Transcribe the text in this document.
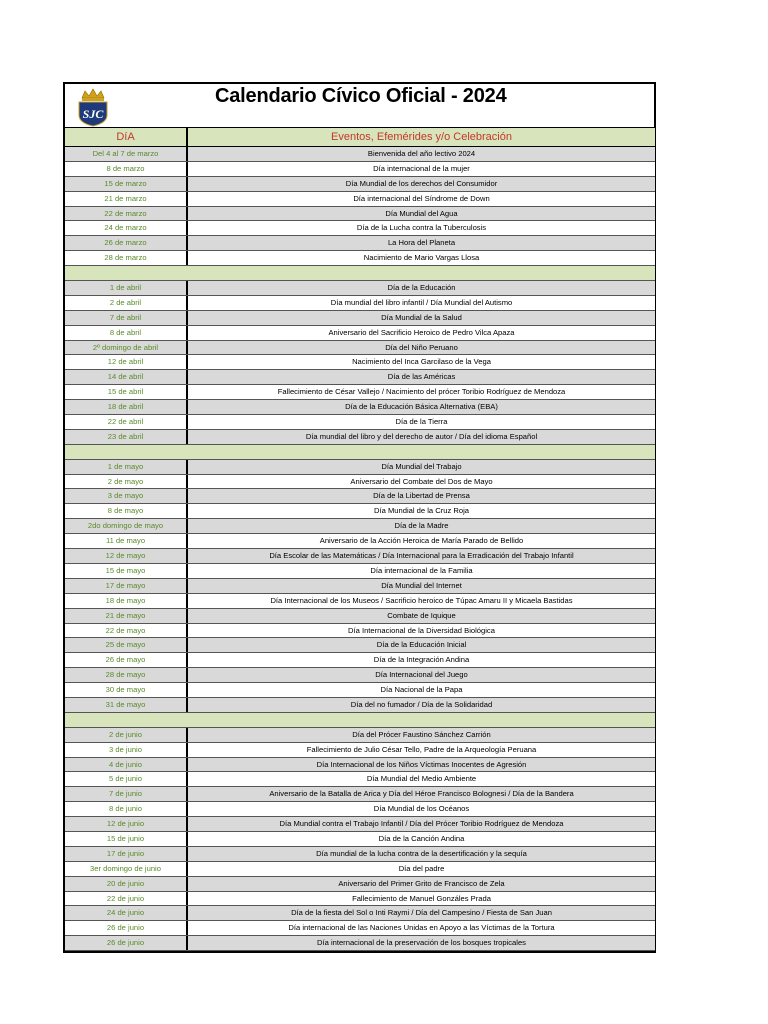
SJC
Calendario Cívico Oficial - 2024
DíA	Eventos, Efemérides y/o Celebración
Del 4 al 7 de marzo	Bienvenida del año lectivo 2024
8 de marzo	Día internacional de la mujer
15 de marzo	Día Mundial de los derechos del Consumidor
21 de marzo	Día internacional del Síndrome de Down
22 de marzo	Día Mundial del Agua
24 de marzo	Día de la Lucha contra la Tuberculosis
26 de marzo	La Hora del Planeta
28 de marzo	Nacimiento de Mario Vargas Llosa
1 de abril	Día de la Educación
2 de abril	Día mundial del libro infantil / Día Mundial del Autismo
7 de abril	Día Mundial de la Salud
8 de abril	Aniversario del Sacrificio Heroico de Pedro Vilca Apaza
2º domingo de abril	Día del Niño Peruano
12 de abril	Nacimiento del Inca Garcilaso de la Vega
14 de abril	Día de las Américas
15 de abril	Fallecimiento de César Vallejo / Nacimiento del prócer Toribio Rodríguez de Mendoza
18 de abril	Día de la Educación Básica Alternativa (EBA)
22 de abril	Día de la Tierra
23 de abril	Día mundial del libro y del derecho de autor / Día del idioma Español
1 de mayo	Día Mundial del Trabajo
2 de mayo	Aniversario del Combate del Dos de Mayo
3 de mayo	Día de la Libertad de Prensa
8 de mayo	Día Mundial de la Cruz Roja
2do domingo de mayo	Día de la Madre
11 de mayo	Aniversario de la Acción Heroica de María Parado de Bellido
12 de mayo	Día Escolar de las Matemáticas / Día Internacional para la Erradicación del Trabajo Infantil
15 de mayo	Día internacional de la Familia
17 de mayo	Día Mundial del Internet
18 de mayo	Día Internacional de los Museos / Sacrificio heroico de Túpac Amaru II y Micaela Bastidas
21 de mayo	Combate de Iquique
22 de mayo	Día Internacional de la Diversidad Biológica
25 de mayo	Día de la Educación Inicial
26 de mayo	Día de la Integración Andina
28 de mayo	Día Internacional del Juego
30 de mayo	Día Nacional de la Papa
31 de mayo	Día del no fumador / Día de la Solidaridad
2 de junio	Día del Prócer Faustino Sánchez Carrión
3 de junio	Fallecimiento de Julio César Tello, Padre de la Arqueología Peruana
4 de junio	Día Internacional de los Niños Víctimas Inocentes de Agresión
5 de junio	Día Mundial del Medio Ambiente
7 de junio	Aniversario de la Batalla de Arica y Día del Héroe Francisco Bolognesi / Día de la Bandera
8 de junio	Día Mundial de los Océanos
12 de junio	Día Mundial contra el Trabajo Infantil / Día del Prócer Toribio Rodríguez de Mendoza
15 de junio	Día de la Canción Andina
17 de junio	Día mundial de la lucha contra de la desertificación y la sequía
3er domingo de junio	Día del padre
20 de junio	Aniversario del Primer Grito de Francisco de Zela
22 de junio	Fallecimiento de Manuel Gonzáles Prada
24 de junio	Día de la fiesta del Sol o Inti Raymi / Día del Campesino / Fiesta de San Juan
26 de junio	Día internacional de las Naciones Unidas en Apoyo a las Víctimas de la Tortura
26 de junio	Día internacional de la preservación de los bosques tropicales
